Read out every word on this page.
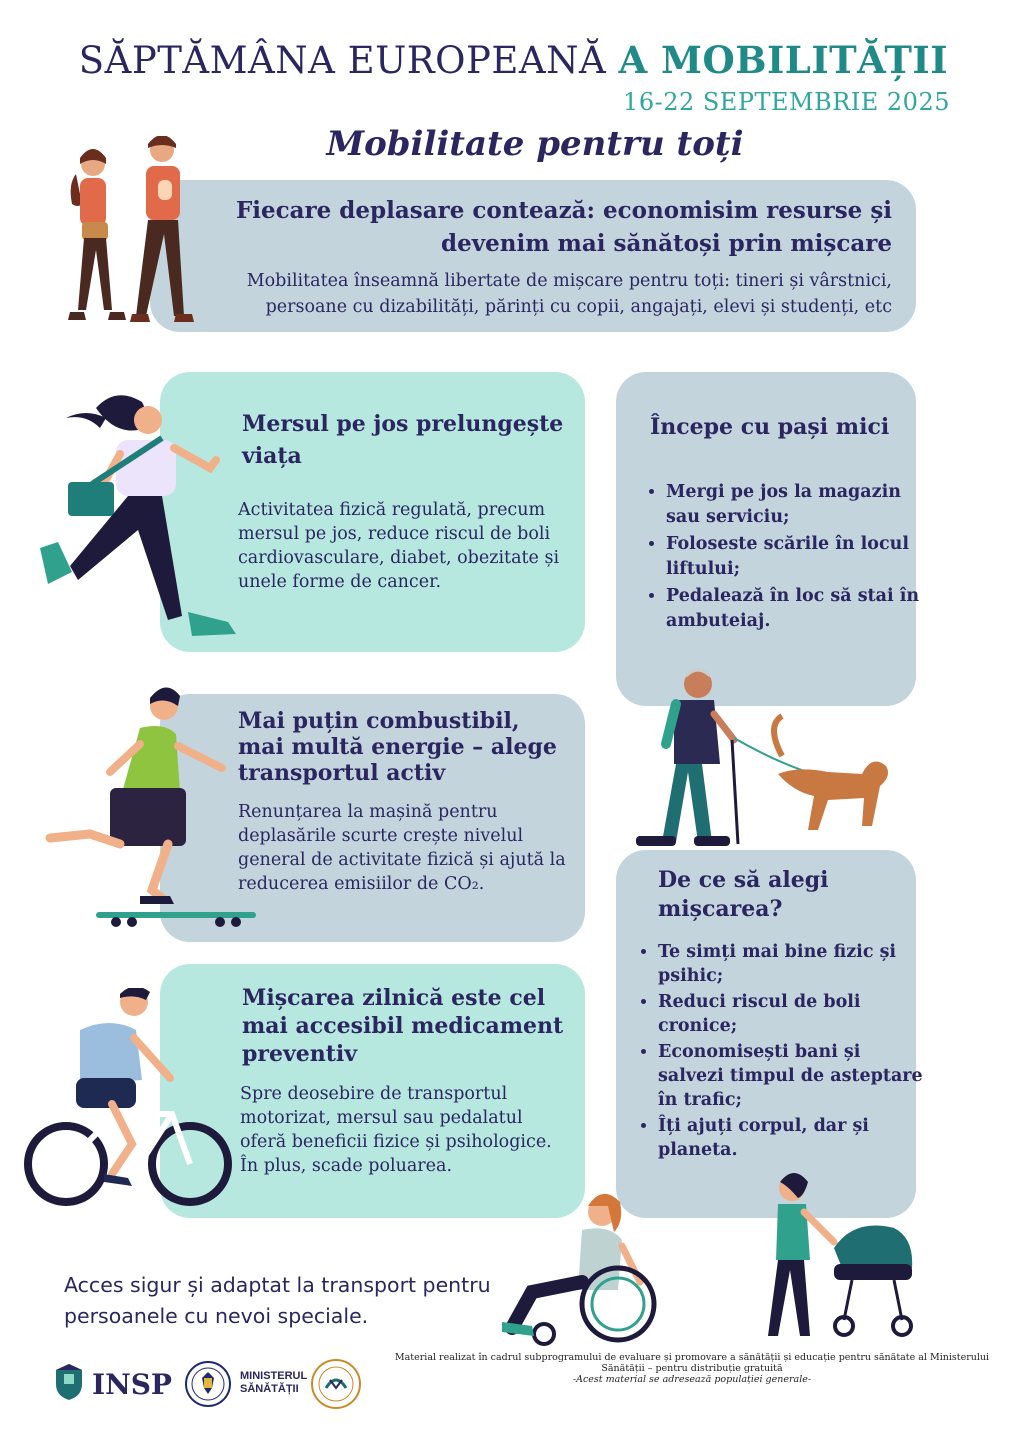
SĂPTĂMÂNA EUROPEANĂ A MOBILITĂȚII
16-22 SEPTEMBRIE 2025
Mobilitate pentru toți
Fiecare deplasare contează: economisim resurse și devenim mai sănătoși prin mișcare
Mobilitatea înseamnă libertate de mișcare pentru toți: tineri și vârstnici, persoane cu dizabilități, părinți cu copii, angajați, elevi și studenți, etc
Mersul pe jos prelungește viața
Activitatea fizică regulată, precum mersul pe jos, reduce riscul de boli cardiovasculare, diabet, obezitate și unele forme de cancer.
Începe cu pași mici
• Mergi pe jos la magazin sau serviciu;
• Foloseste scările în locul liftului;
• Pedalează în loc să stai în ambuteiaj.
Mai puțin combustibil, mai multă energie – alege transportul activ
Renunțarea la mașină pentru deplasările scurte crește nivelul general de activitate fizică și ajută la reducerea emisiilor de CO₂.	De ce să alegi mișcarea?
• Te simți mai bine fizic și psihic;
• Reduci riscul de boli cronice;
• Economisești bani și salvezi timpul de asteptare în trafic;
• Îți ajuți corpul, dar și planeta.
Mișcarea zilnică este cel mai accesibil medicament preventiv
Spre deosebire de transportul motorizat, mersul sau pedalatul oferă beneficii fizice și psihologice. În plus, scade poluarea.
Acces sigur și adaptat la transport pentru persoanele cu nevoi speciale.
INSP	MINISTERUL
SĂNĂTĂȚII
Material realizat în cadrul subprogramului de evaluare și promovare a sănătății și educație pentru sănătate al Ministerului Sănătății – pentru distribuție gratuită
-Acest material se adresează populației generale-
